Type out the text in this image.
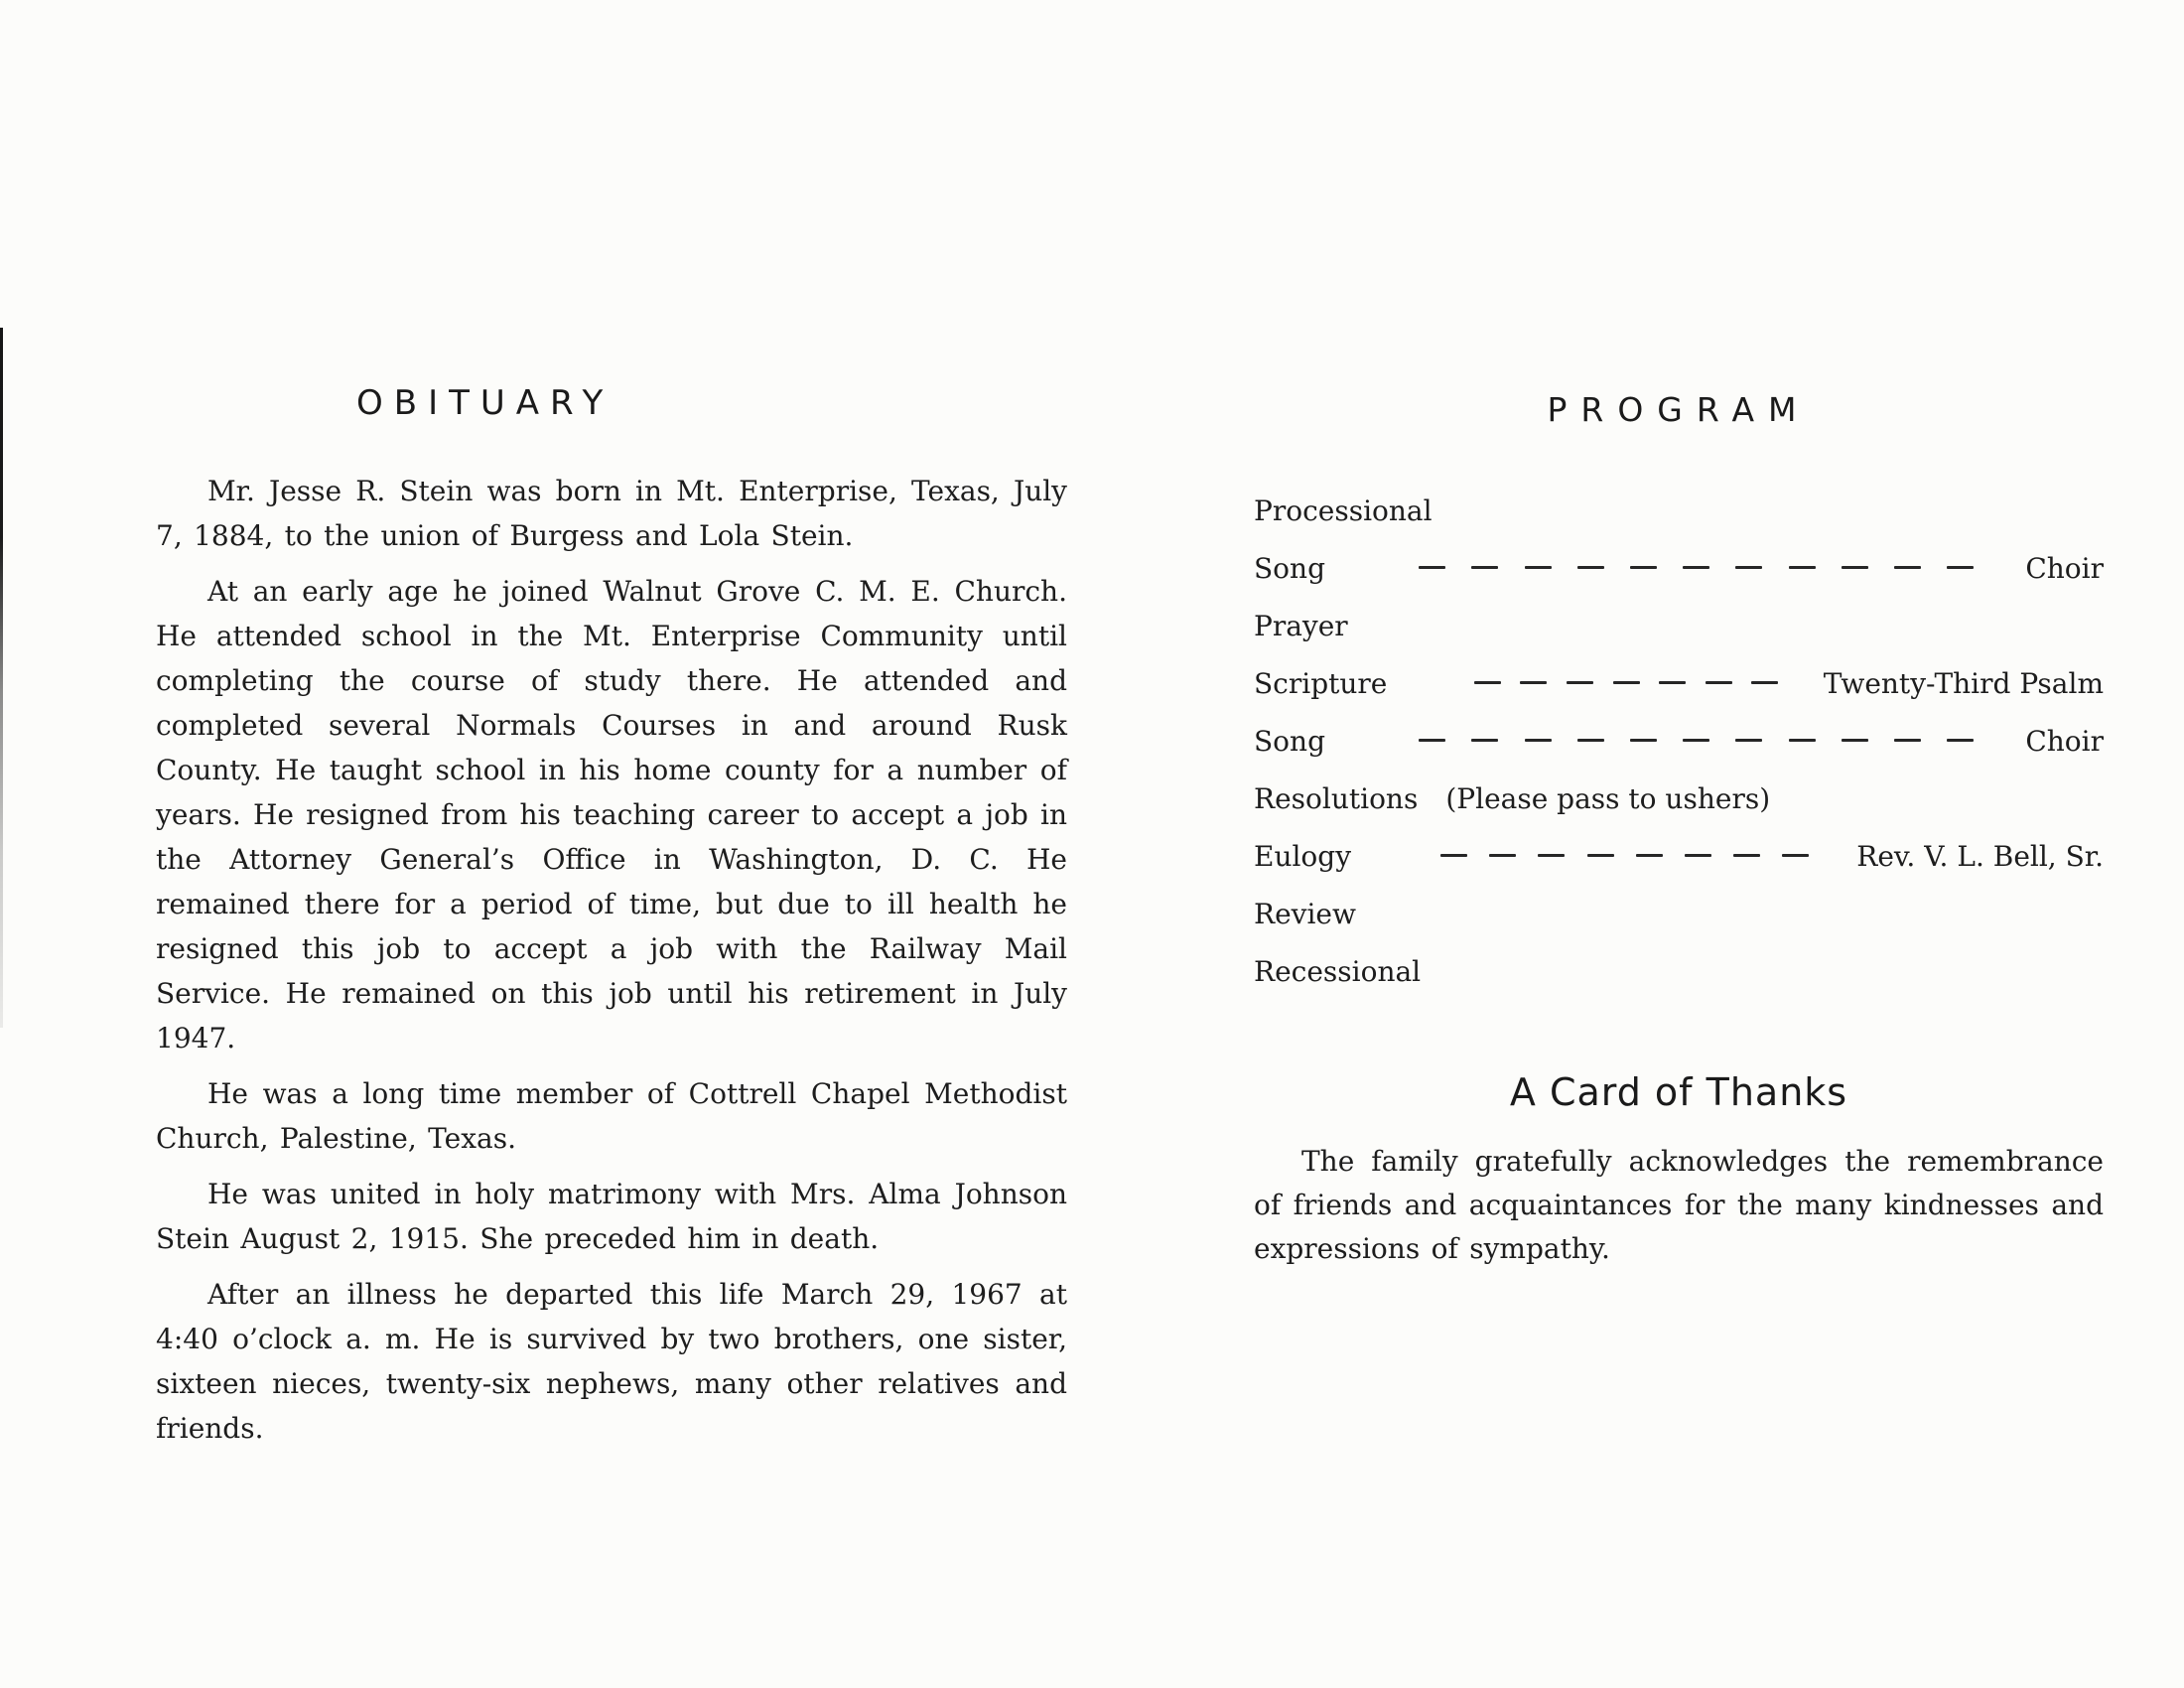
OBITUARY

Mr. Jesse R. Stein was born in Mt. Enterprise, Texas, July 7, 1884, to the union of Burgess and Lola Stein.

At an early age he joined Walnut Grove C. M. E. Church. He attended school in the Mt. Enterprise Community until completing the course of study there. He attended and completed several Normals Courses in and around Rusk County. He taught school in his home county for a number of years. He resigned from his teaching career to accept a job in the Attorney General’s Office in Washington, D. C. He remained there for a period of time, but due to ill health he resigned this job to accept a job with the Railway Mail Service. He remained on this job until his retirement in July 1947.

He was a long time member of Cottrell Chapel Methodist Church, Palestine, Texas.

He was united in holy matrimony with Mrs. Alma Johnson Stein August 2, 1915. She preceded him in death.

After an illness he departed this life March 29, 1967 at 4:40 o’clock a. m. He is survived by two brothers, one sister, sixteen nieces, twenty-six nephews, many other relatives and friends.

PROGRAM
Processional
Song	Choir
Prayer
Scripture	Twenty-Third Psalm
Song	Choir
Resolutions (Please pass to ushers)
Eulogy	Rev. V. L. Bell, Sr.
Review
Recessional
A Card of Thanks

The family gratefully acknowledges the remembrance of friends and acquaintances for the many kindnesses and expressions of sympathy.
